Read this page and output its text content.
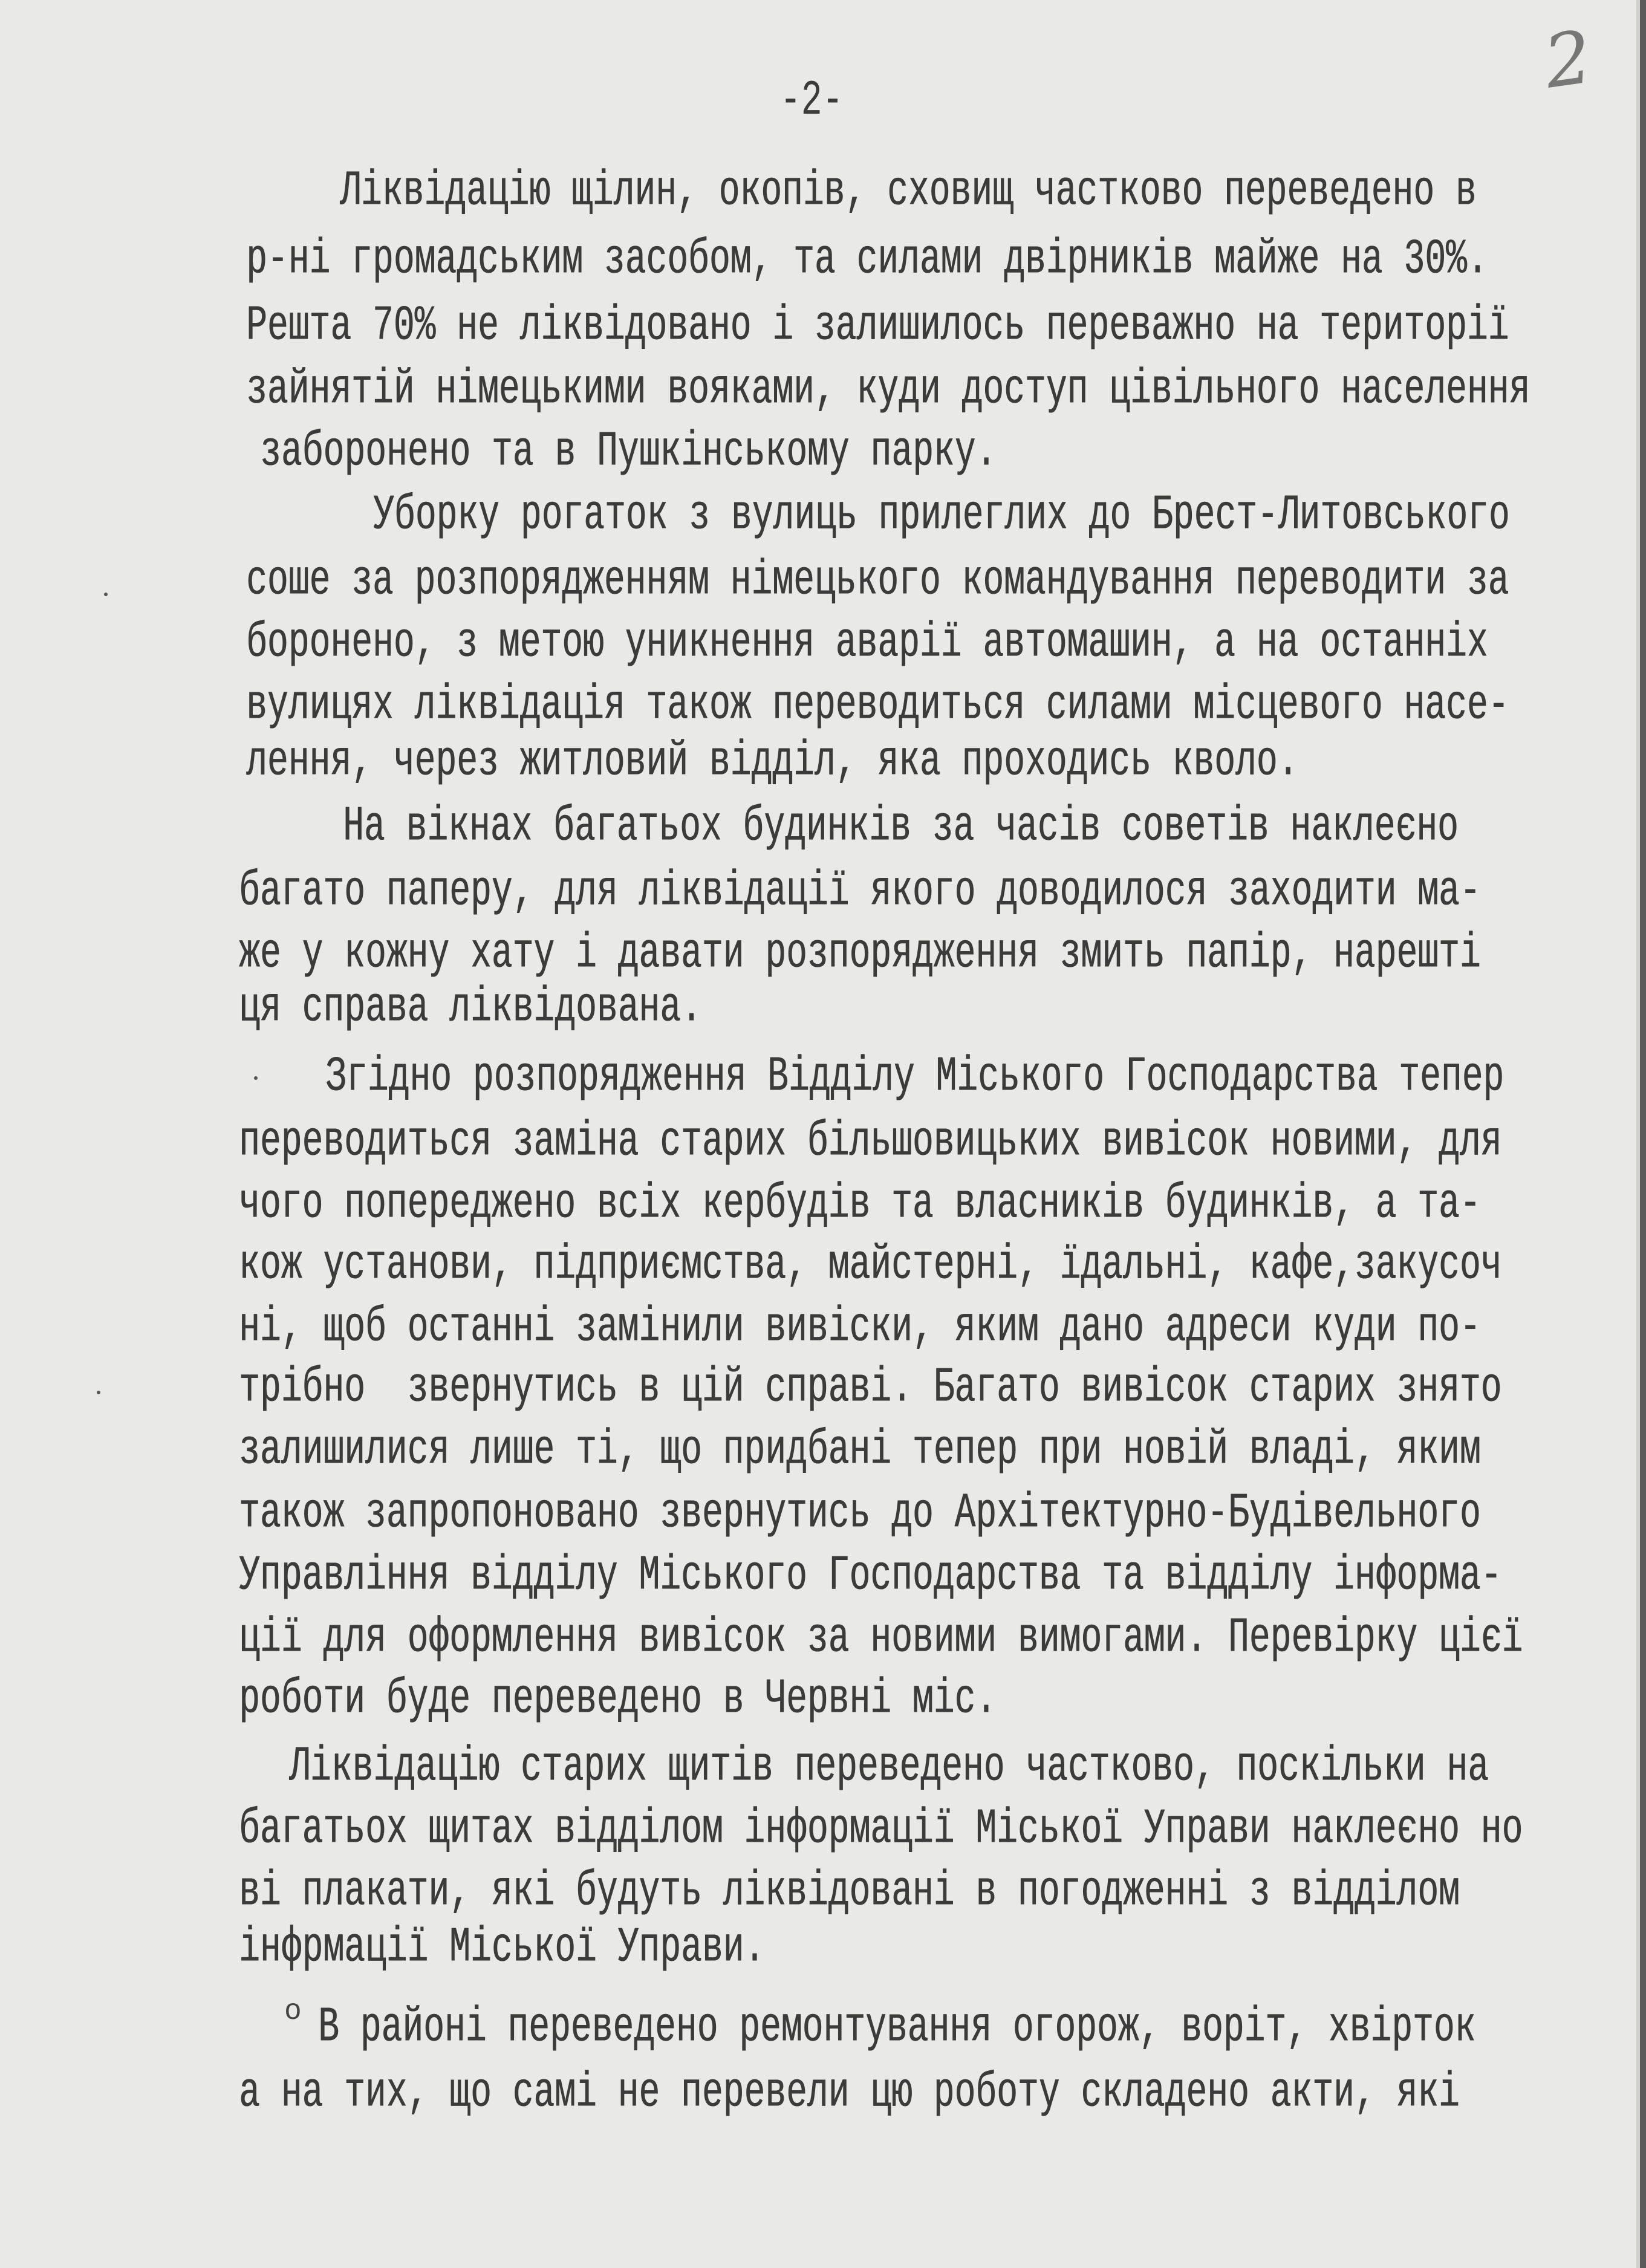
-2-	2
Ліквідацію щілин, окопів, сховищ частково переведено в
р-ні громадським засобом, та силами двірників майже на 30%.
Решта 70% не ліквідовано і залишилось переважно на території
зайнятій німецькими вояками, куди доступ цівільного населення
заборонено та в Пушкінському парку.
Уборку рогаток з вулиць прилеглих до Брест-Литовського
соше за розпорядженням німецького командування переводити за
боронено, з метою уникнення аварії автомашин, а на останніх
вулицях ліквідація також переводиться силами місцевого насе-
лення, через житловий відділ, яка проходись кволо.
На вікнах багатьох будинків за часів советів наклеєно
багато паперу, для ліквідації якого доводилося заходити ма-
же у кожну хату і давати розпорядження змить папір, нарешті
ця справа ліквідована.
Згідно розпорядження Відділу Міського Господарства тепер
переводиться заміна старих більшовицьких вивісок новими, для
чого попереджено всіх кербудів та власників будинків, а та-
кож установи, підприємства, майстерні, їдальні, кафе,закусоч
ні, щоб останні замінили вивіски, яким дано адреси куди по-
трібно  звернутись в цій справі. Багато вивісок старих знято
залишилися лише ті, що придбані тепер при новій владі, яким
також запропоновано звернутись до Архітектурно-Будівельного
Управління відділу Міського Господарства та відділу інформа-
ції для оформлення вивісок за новими вимогами. Перевірку цієї
роботи буде переведено в Червні міс.
Ліквідацію старих щитів переведено частково, поскільки на
багатьох щитах відділом інформації Міської Управи наклеєно но
ві плакати, які будуть ліквідовані в погодженні з відділом
інфрмації Міської Управи.
о В районі переведено ремонтування огорож, воріт, хвірток
а на тих, що самі не перевели цю роботу складено акти, які
